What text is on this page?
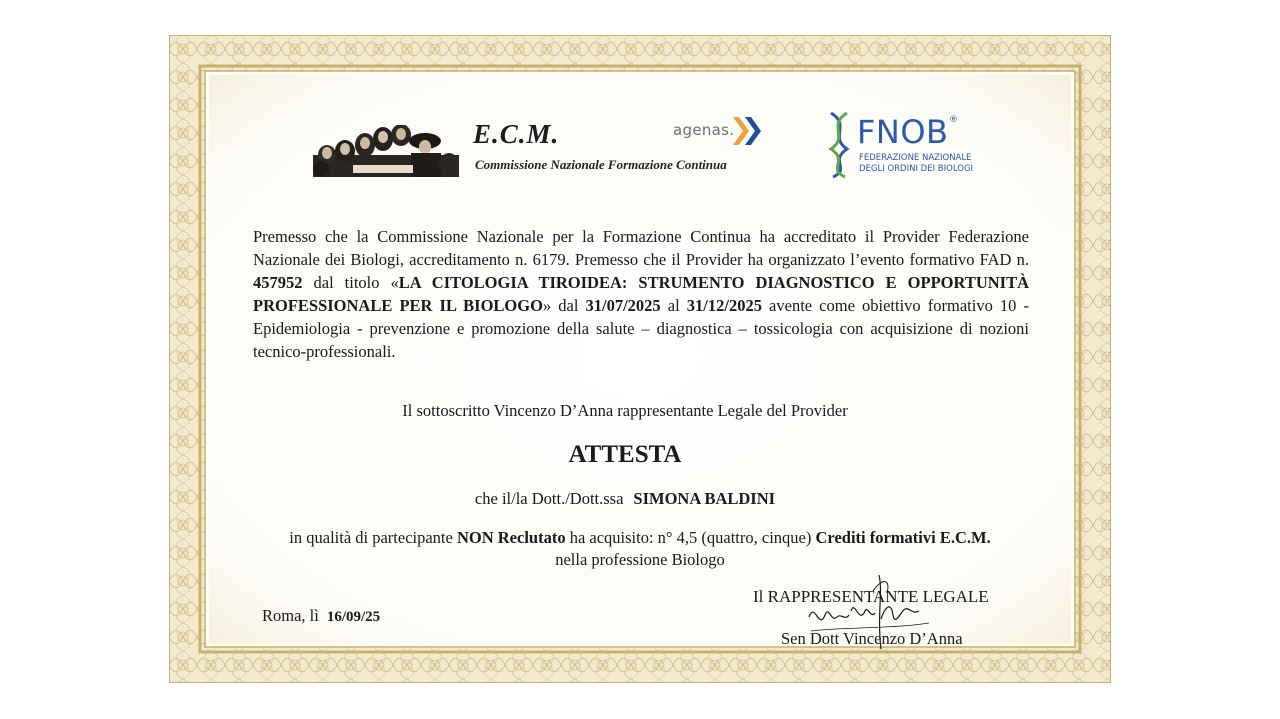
E.C.M.
Commissione Nazionale Formazione Continua
agenas.	FNOB ®
FEDERAZIONE NAZIONALE
DEGLI ORDINI DEI BIOLOGI
Premesso che la Commissione Nazionale per la Formazione Continua ha accreditato il Provider Federazione Nazionale dei Biologi, accreditamento n. 6179. Premesso che il Provider ha organizzato l’evento formativo FAD n. 457952 dal titolo «LA CITOLOGIA TIROIDEA: STRUMENTO DIAGNOSTICO E OPPORTUNITÀ PROFESSIONALE PER IL BIOLOGO» dal 31/07/2025 al 31/12/2025 avente come obiettivo formativo 10 - Epidemiologia - prevenzione e promozione della salute – diagnostica – tossicologia con acquisizione di nozioni tecnico-professionali.
Il sottoscritto Vincenzo D’Anna rappresentante Legale del Provider
ATTESTA
che il/la Dott./Dott.ssa SIMONA BALDINI
in qualità di partecipante NON Reclutato ha acquisito: n° 4,5 (quattro, cinque) Crediti formativi E.C.M.
nella professione Biologo
Roma, lì 16/09/25
Il RAPPRESENTANTE LEGALE
Sen Dott Vincenzo D’Anna
